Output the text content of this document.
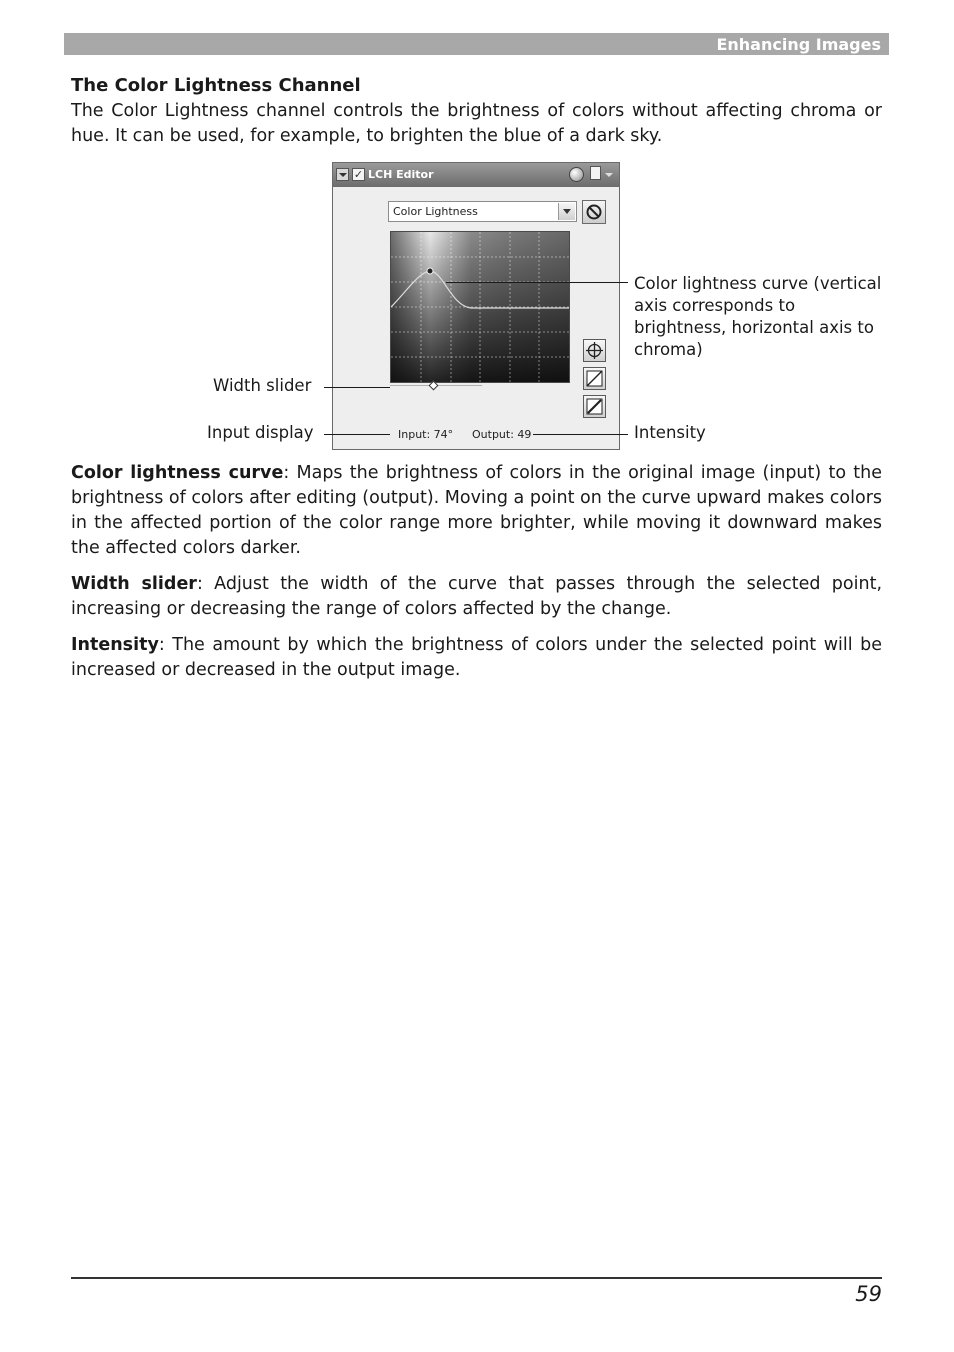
Enhancing Images
The Color Lightness Channel

The Color Lightness channel controls the brightness of colors without affecting chroma or hue. It can be used, for example, to brighten the blue of a dark sky.

✓ LCH Editor
Color Lightness
Input: 74° Output: 49
Color lightness curve (vertical axis corresponds to brightness, horizontal axis to chroma)
Width slider
Input display	Intensity

Color lightness curve: Maps the brightness of colors in the original image (input) to the brightness of colors after editing (output). Moving a point on the curve upward makes colors in the affected portion of the color range more brighter, while moving it downward makes the affected colors darker.

Width slider: Adjust the width of the curve that passes through the selected point, increasing or decreasing the range of colors affected by the change.

Intensity: The amount by which the brightness of colors under the selected point will be increased or decreased in the output image.

59
